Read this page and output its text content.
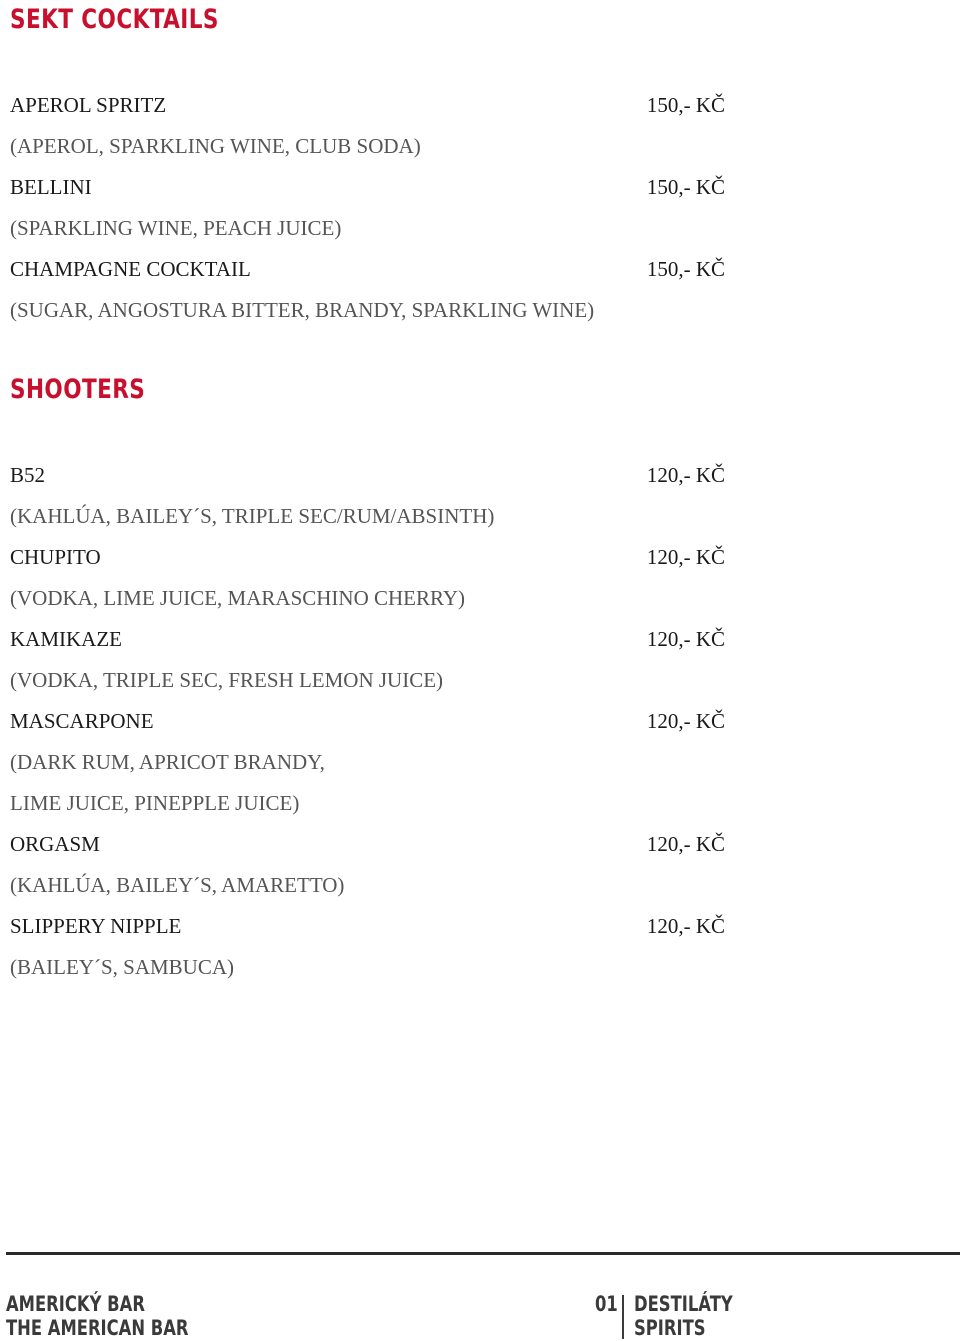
SEKT COCKTAILS
APEROL SPRITZ	150,- KČ
(APEROL, SPARKLING WINE, CLUB SODA)
BELLINI	150,- KČ
(SPARKLING WINE, PEACH JUICE)
CHAMPAGNE COCKTAIL	150,- KČ
(SUGAR, ANGOSTURA BITTER, BRANDY, SPARKLING WINE)
SHOOTERS
B52	120,- KČ
(KAHLÚA, BAILEY´S, TRIPLE SEC/RUM/ABSINTH)
CHUPITO	120,- KČ
(VODKA, LIME JUICE, MARASCHINO CHERRY)
KAMIKAZE	120,- KČ
(VODKA, TRIPLE SEC, FRESH LEMON JUICE)
MASCARPONE	120,- KČ
(DARK RUM, APRICOT BRANDY,
LIME JUICE, PINEPPLE JUICE)
ORGASM	120,- KČ
(KAHLÚA, BAILEY´S, AMARETTO)
SLIPPERY NIPPLE	120,- KČ
(BAILEY´S, SAMBUCA)
AMERICKÝ BAR
THE AMERICAN BAR
01 DESTILÁTY
SPIRITS
